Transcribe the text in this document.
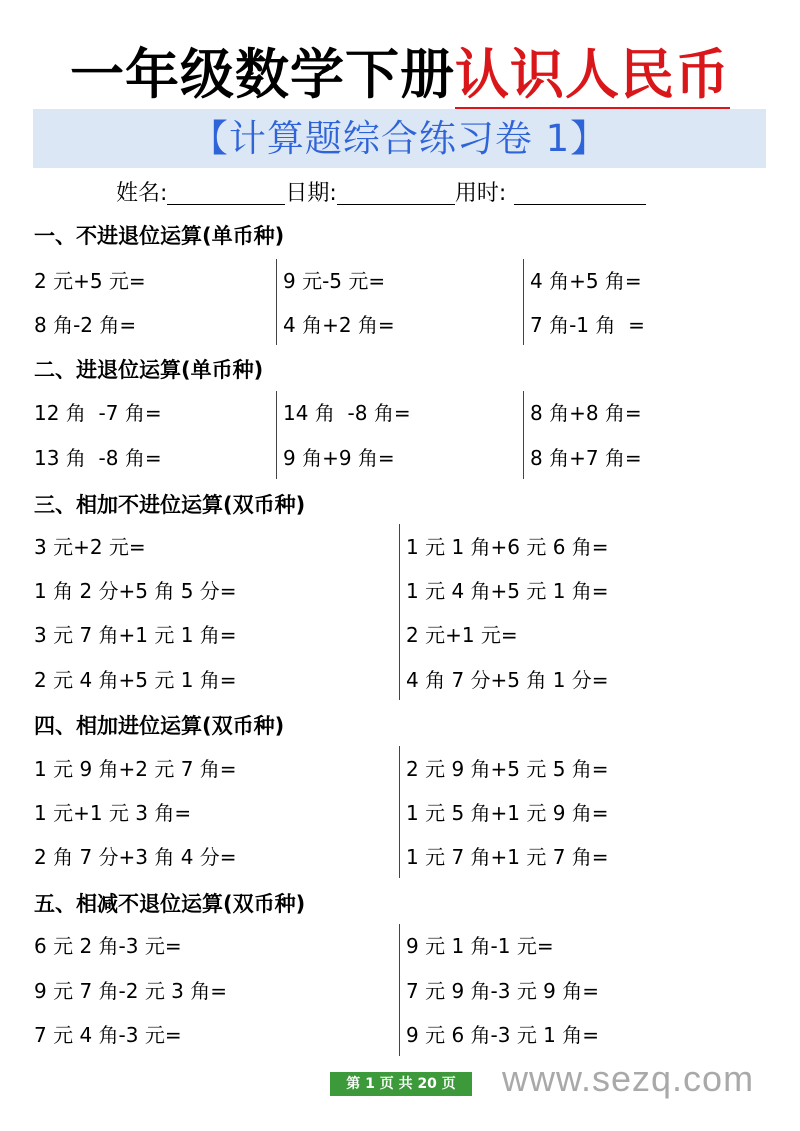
一年级数学下册认识人民币
【计算题综合练习卷 1】
姓名:	日期:	用时:
一、不进退位运算(单币种)
2 元+5 元=	9 元-5 元=	4 角+5 角=
8 角-2 角=	4 角+2 角=	7 角-1 角  =
二、进退位运算(单币种)
12 角  -7 角=	14 角  -8 角=	8 角+8 角=
13 角  -8 角=	9 角+9 角=	8 角+7 角=
三、相加不进位运算(双币种)
3 元+2 元=	1 元 1 角+6 元 6 角=
1 角 2 分+5 角 5 分=	1 元 4 角+5 元 1 角=
3 元 7 角+1 元 1 角=	2 元+1 元=
2 元 4 角+5 元 1 角=	4 角 7 分+5 角 1 分=
四、相加进位运算(双币种)
1 元 9 角+2 元 7 角=	2 元 9 角+5 元 5 角=
1 元+1 元 3 角=	1 元 5 角+1 元 9 角=
2 角 7 分+3 角 4 分=	1 元 7 角+1 元 7 角=
五、相减不退位运算(双币种)
6 元 2 角-3 元=	9 元 1 角-1 元=
9 元 7 角-2 元 3 角=	7 元 9 角-3 元 9 角=
7 元 4 角-3 元=	9 元 6 角-3 元 1 角=
第 1 页 共 20 页	www.sezq.com
